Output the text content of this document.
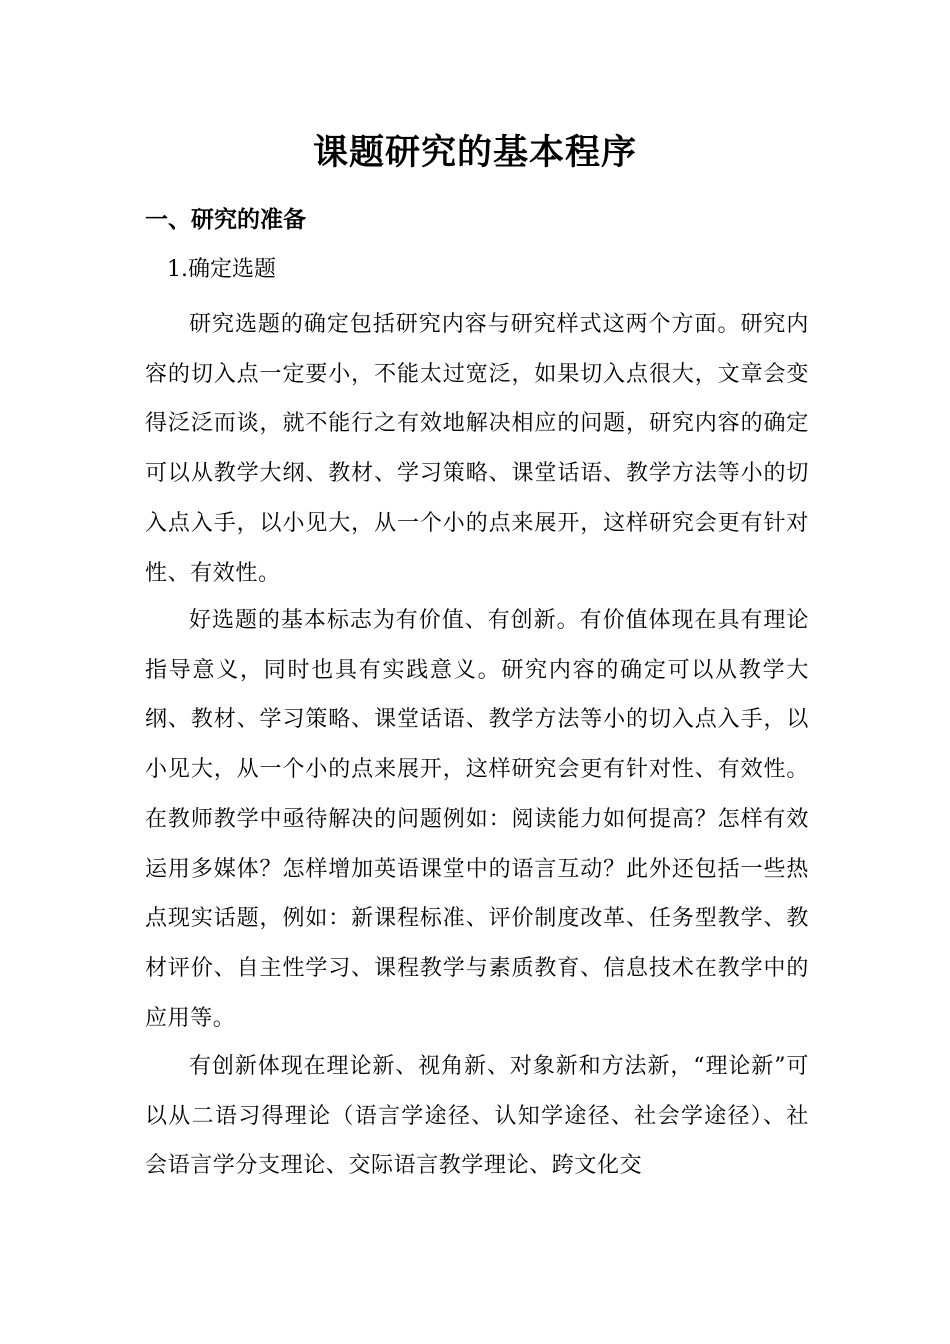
课题研究的基本程序
一、研究的准备
1.确定选题

研究选题的确定包括研究内容与研究样式这两个方面。研究内容的切入点一定要小，不能太过宽泛，如果切入点很大，文章会变得泛泛而谈，就不能行之有效地解决相应的问题，研究内容的确定可以从教学大纲、教材、学习策略、课堂话语、教学方法等小的切入点入手，以小见大，从一个小的点来展开，这样研究会更有针对性、有效性。

好选题的基本标志为有价值、有创新。有价值体现在具有理论指导意义，同时也具有实践意义。研究内容的确定可以从教学大纲、教材、学习策略、课堂话语、教学方法等小的切入点入手，以小见大，从一个小的点来展开，这样研究会更有针对性、有效性。在教师教学中亟待解决的问题例如：阅读能力如何提高？怎样有效运用多媒体？怎样增加英语课堂中的语言互动？此外还包括一些热点现实话题，例如：新课程标准、评价制度改革、任务型教学、教材评价、自主性学习、课程教学与素质教育、信息技术在教学中的应用等。

有创新体现在理论新、视角新、对象新和方法新，“理论新”可以从二语习得理论（语言学途径、认知学途径、社会学途径）、社会语言学分支理论、交际语言教学理论、跨文化交
